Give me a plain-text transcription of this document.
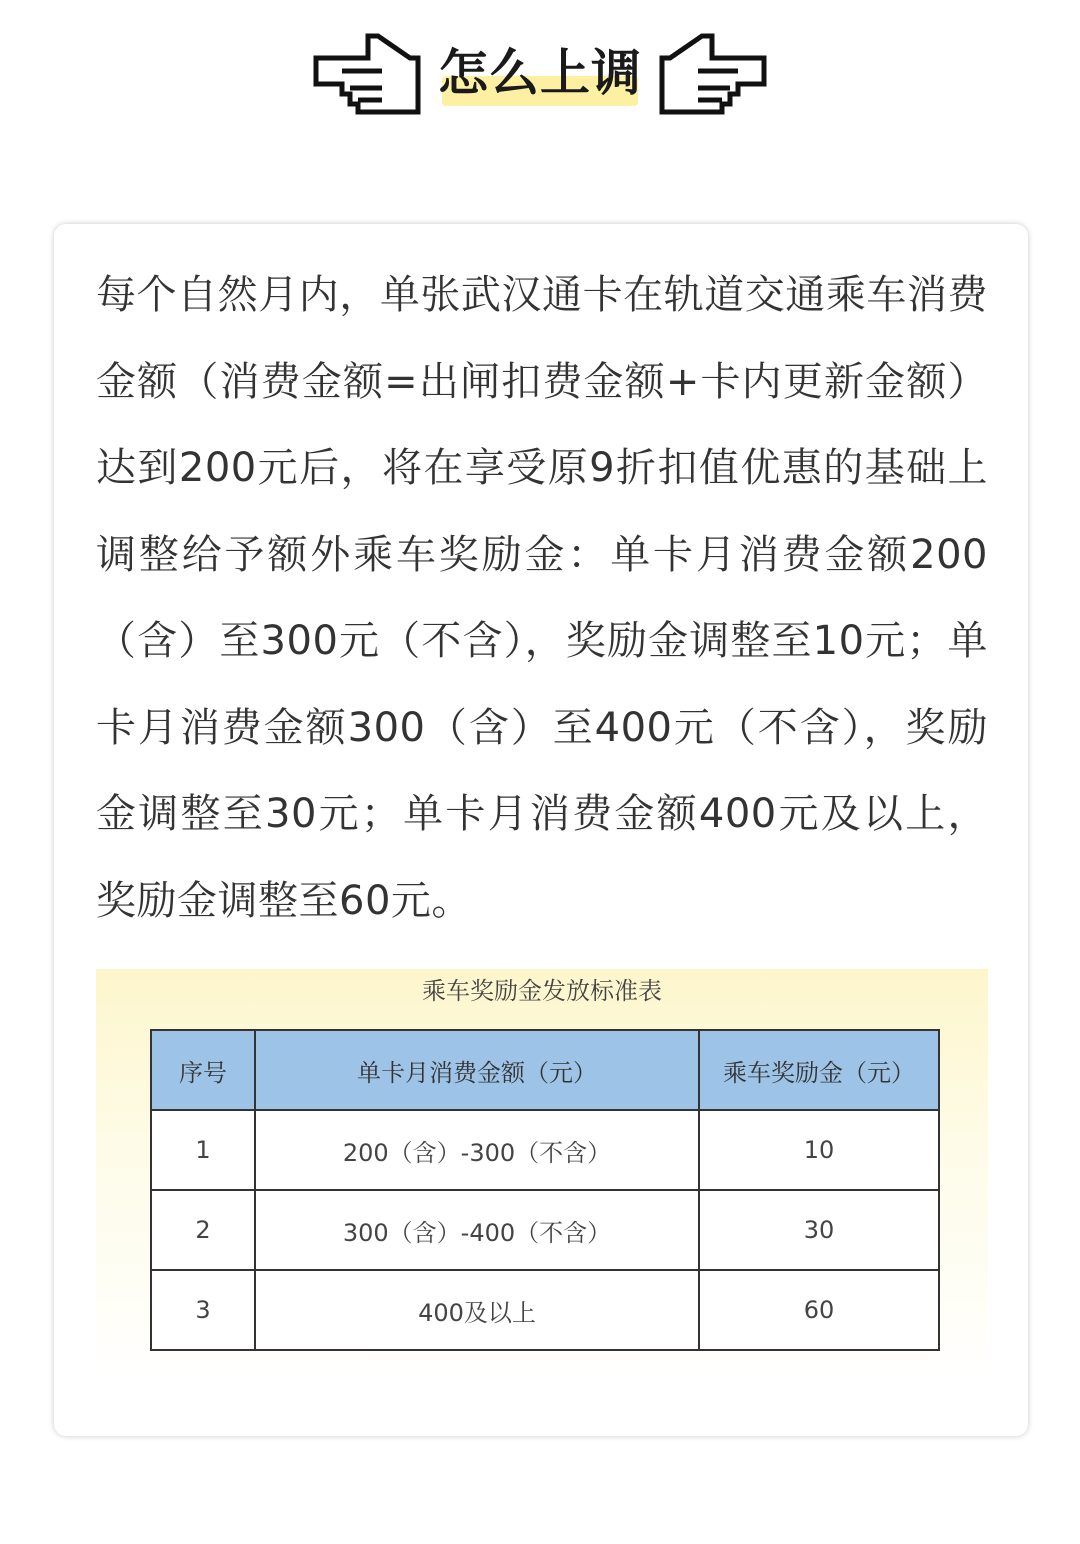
怎么上调

每个自然月内，单张武汉通卡在轨道交通乘车消费金额（消费金额=出闸扣费金额+卡内更新金额）达到200元后，将在享受原9折扣值优惠的基础上调整给予额外乘车奖励金：单卡月消费金额200（含）至300元（不含），奖励金调整至10元；单卡月消费金额300（含）至400元（不含），奖励金调整至30元；单卡月消费金额400元及以上，奖励金调整至60元。

乘车奖励金发放标准表
序号	单卡月消费金额（元）	乘车奖励金（元）
1	200（含）-300（不含）	10
2	300（含）-400（不含）	30
3	400及以上	60
